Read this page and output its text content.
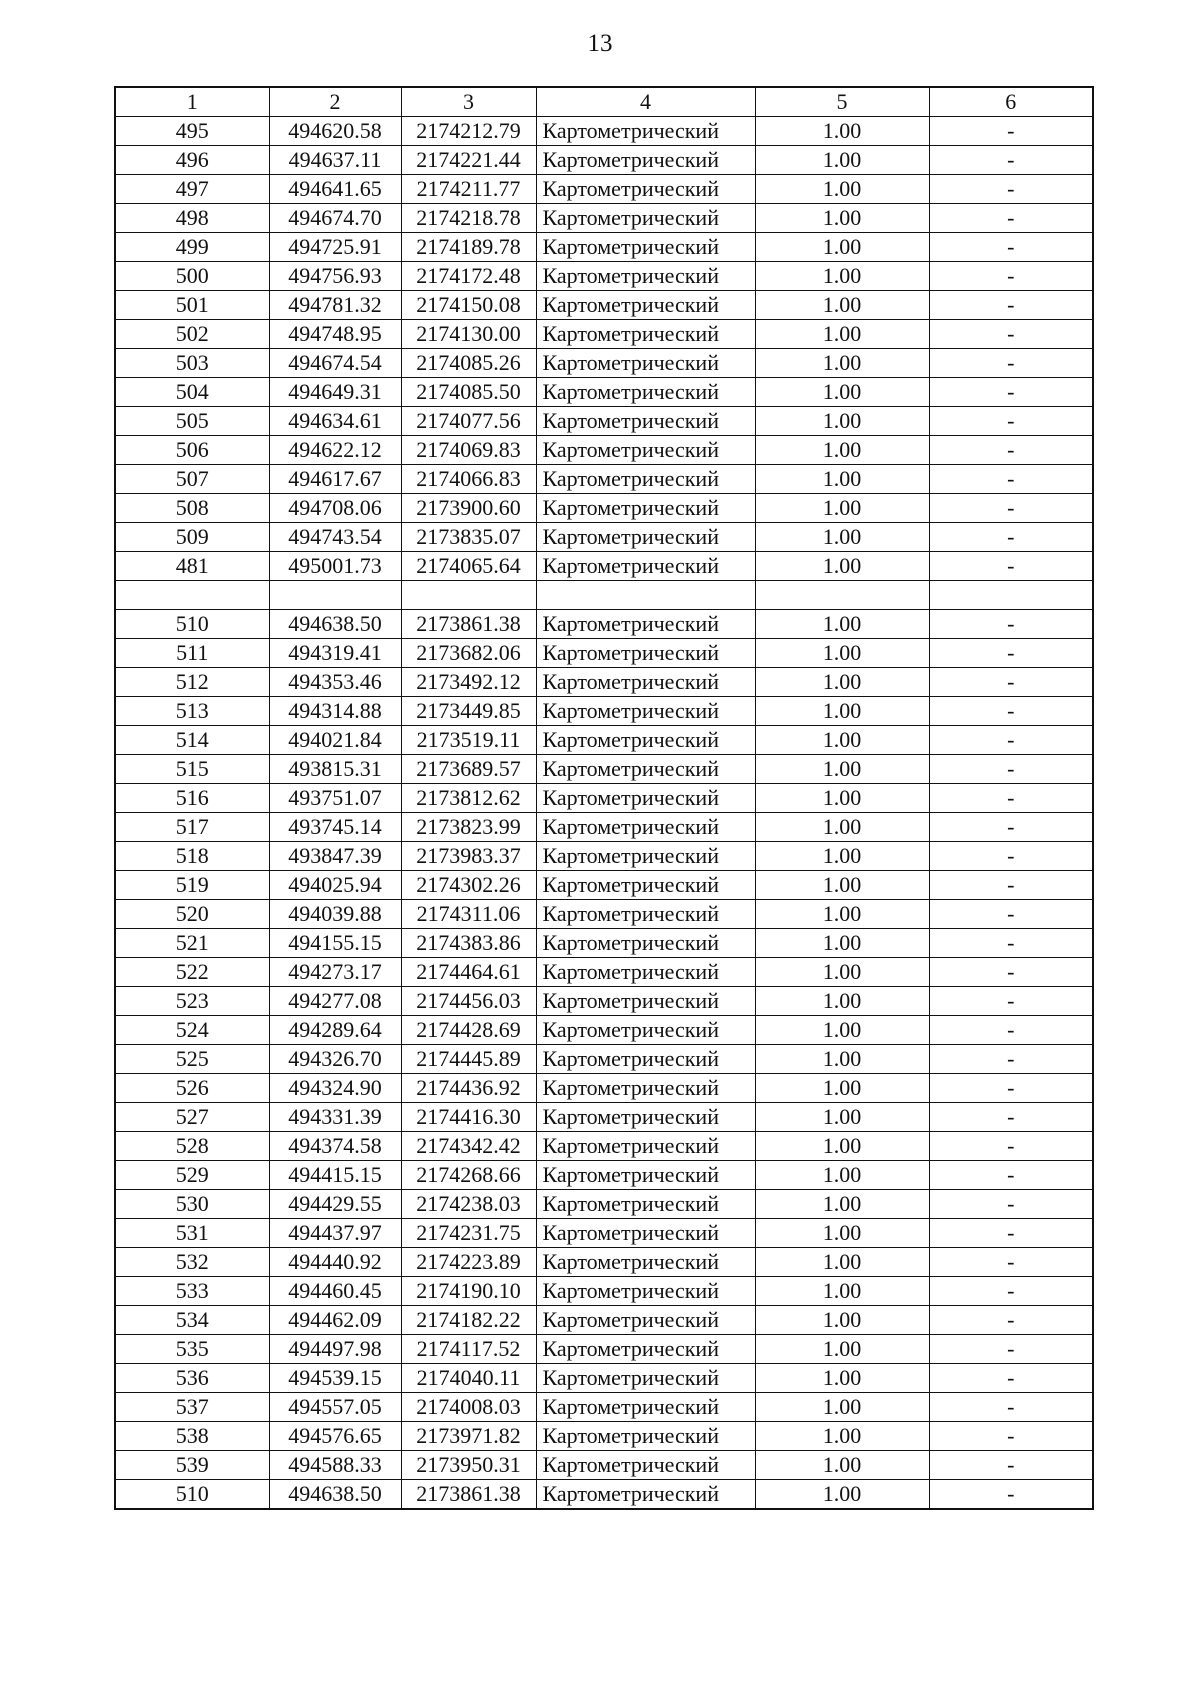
13
1	2	3	4	5	6
495	494620.58	2174212.79	Картометрический	1.00	-
496	494637.11	2174221.44	Картометрический	1.00	-
497	494641.65	2174211.77	Картометрический	1.00	-
498	494674.70	2174218.78	Картометрический	1.00	-
499	494725.91	2174189.78	Картометрический	1.00	-
500	494756.93	2174172.48	Картометрический	1.00	-
501	494781.32	2174150.08	Картометрический	1.00	-
502	494748.95	2174130.00	Картометрический	1.00	-
503	494674.54	2174085.26	Картометрический	1.00	-
504	494649.31	2174085.50	Картометрический	1.00	-
505	494634.61	2174077.56	Картометрический	1.00	-
506	494622.12	2174069.83	Картометрический	1.00	-
507	494617.67	2174066.83	Картометрический	1.00	-
508	494708.06	2173900.60	Картометрический	1.00	-
509	494743.54	2173835.07	Картометрический	1.00	-
481	495001.73	2174065.64	Картометрический	1.00	-

510	494638.50	2173861.38	Картометрический	1.00	-
511	494319.41	2173682.06	Картометрический	1.00	-
512	494353.46	2173492.12	Картометрический	1.00	-
513	494314.88	2173449.85	Картометрический	1.00	-
514	494021.84	2173519.11	Картометрический	1.00	-
515	493815.31	2173689.57	Картометрический	1.00	-
516	493751.07	2173812.62	Картометрический	1.00	-
517	493745.14	2173823.99	Картометрический	1.00	-
518	493847.39	2173983.37	Картометрический	1.00	-
519	494025.94	2174302.26	Картометрический	1.00	-
520	494039.88	2174311.06	Картометрический	1.00	-
521	494155.15	2174383.86	Картометрический	1.00	-
522	494273.17	2174464.61	Картометрический	1.00	-
523	494277.08	2174456.03	Картометрический	1.00	-
524	494289.64	2174428.69	Картометрический	1.00	-
525	494326.70	2174445.89	Картометрический	1.00	-
526	494324.90	2174436.92	Картометрический	1.00	-
527	494331.39	2174416.30	Картометрический	1.00	-
528	494374.58	2174342.42	Картометрический	1.00	-
529	494415.15	2174268.66	Картометрический	1.00	-
530	494429.55	2174238.03	Картометрический	1.00	-
531	494437.97	2174231.75	Картометрический	1.00	-
532	494440.92	2174223.89	Картометрический	1.00	-
533	494460.45	2174190.10	Картометрический	1.00	-
534	494462.09	2174182.22	Картометрический	1.00	-
535	494497.98	2174117.52	Картометрический	1.00	-
536	494539.15	2174040.11	Картометрический	1.00	-
537	494557.05	2174008.03	Картометрический	1.00	-
538	494576.65	2173971.82	Картометрический	1.00	-
539	494588.33	2173950.31	Картометрический	1.00	-
510	494638.50	2173861.38	Картометрический	1.00	-
